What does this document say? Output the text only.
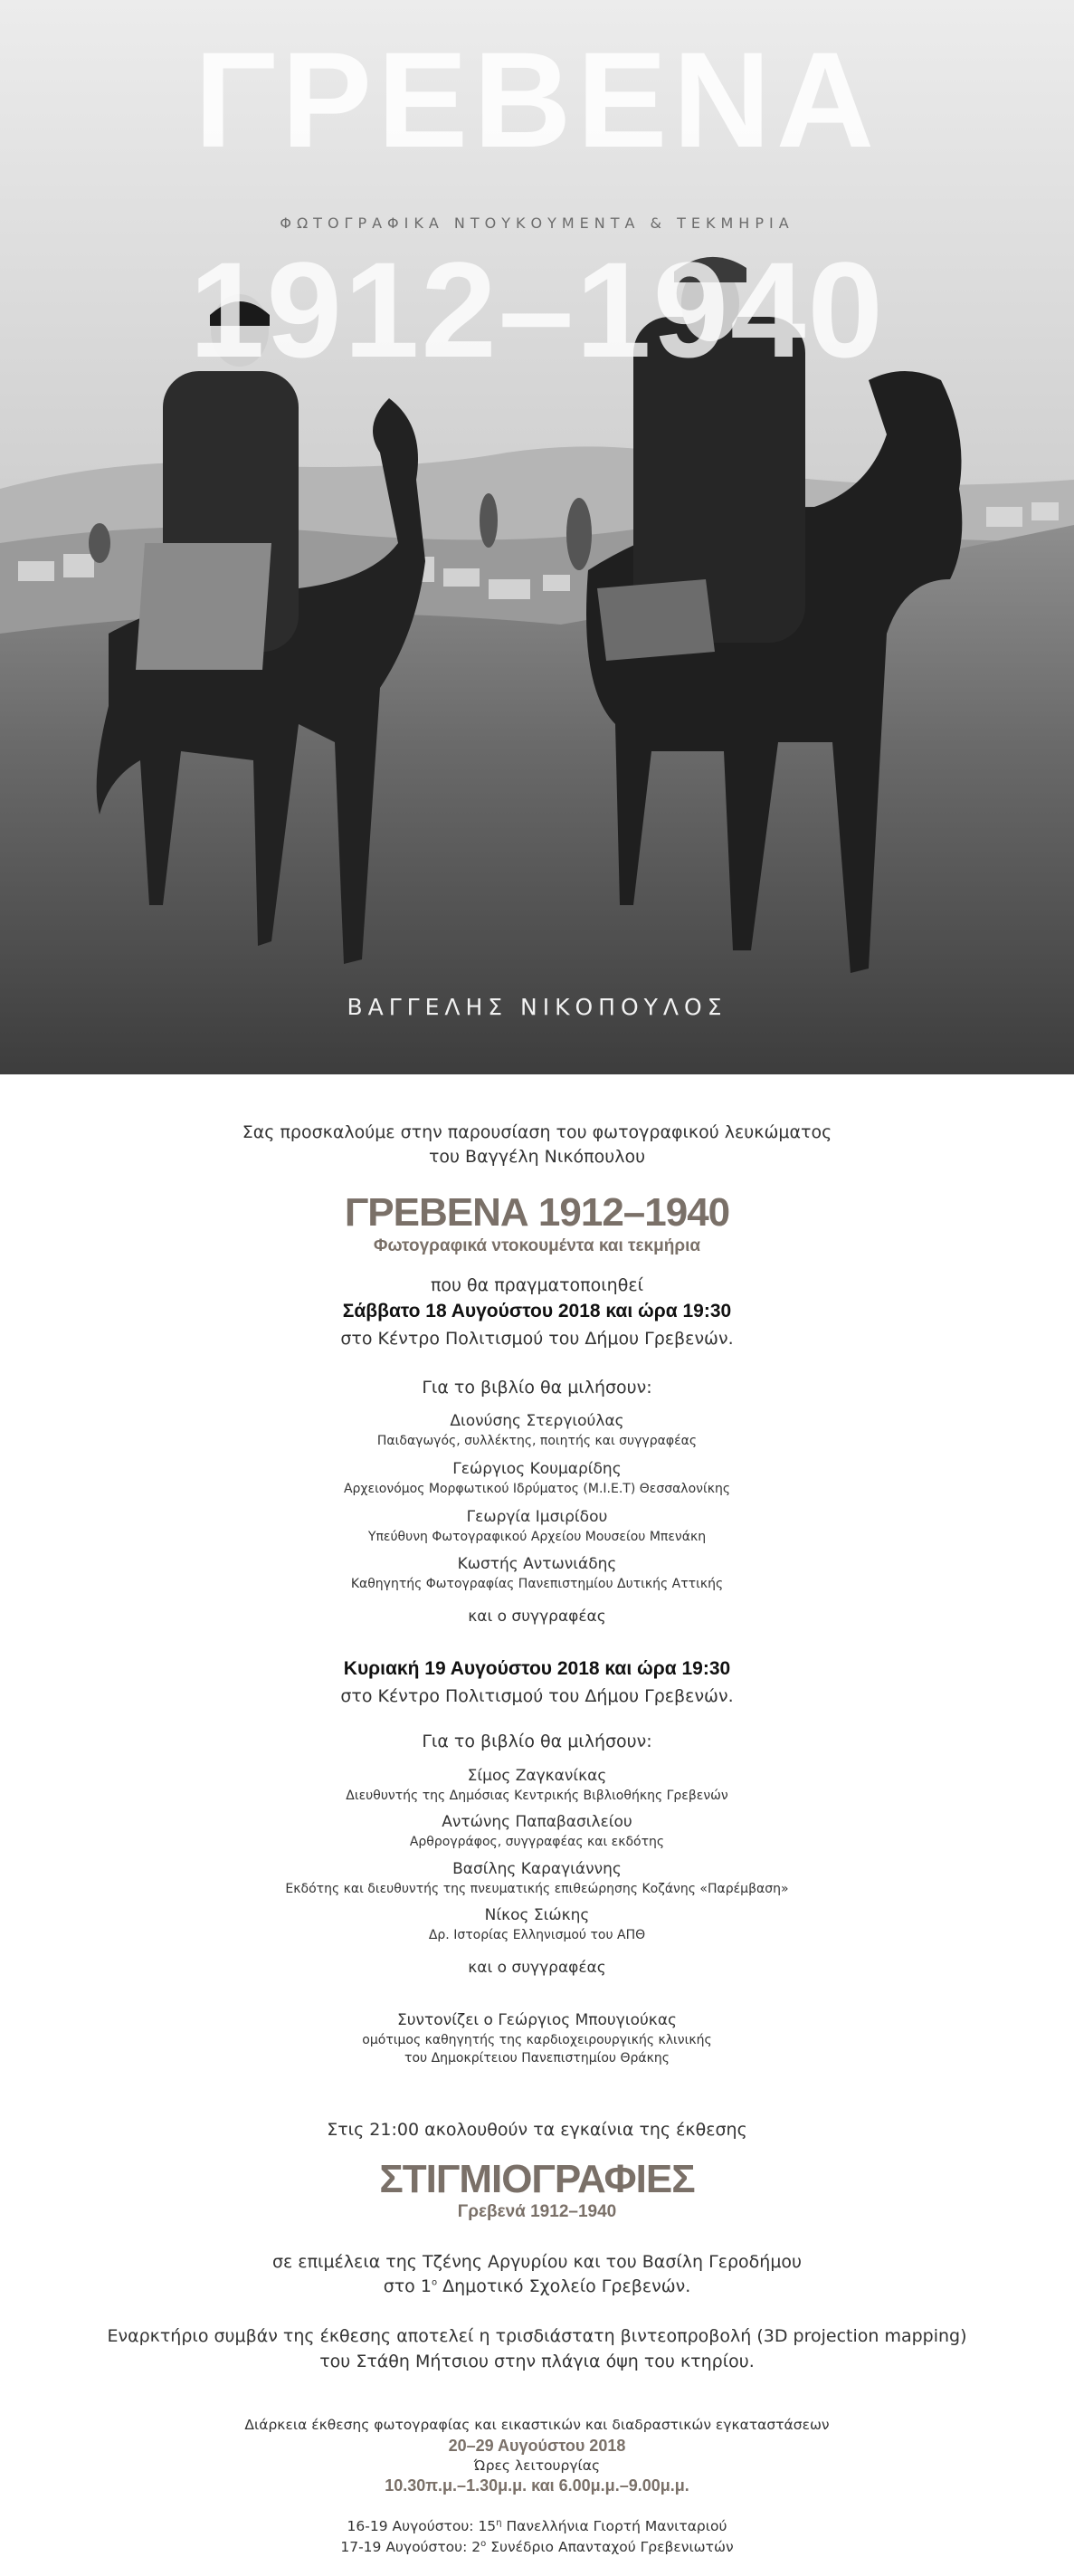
ΓΡΕΒΕΝΑ
ΦΩΤΟΓΡΑΦΙΚΑ ΝΤΟΥΚΟΥΜΕΝΤΑ & ΤΕΚΜΗΡΙΑ
1912–1940
ΒΑΓΓΕΛΗΣ ΝΙΚΟΠΟΥΛΟΣ

Σας προσκαλούμε στην παρουσίαση του φωτογραφικού λευκώματος

του Βαγγέλη Νικόπουλου

ΓΡΕΒΕΝΑ 1912–1940

Φωτογραφικά ντοκουμέντα και τεκμήρια

που θα πραγματοποιηθεί

Σάββατο 18 Αυγούστου 2018 και ώρα 19:30

στο Κέντρο Πολιτισμού του Δήμου Γρεβενών.

Για το βιβλίο θα μιλήσουν:

Διονύσης Στεργιούλας

Παιδαγωγός, συλλέκτης, ποιητής και συγγραφέας

Γεώργιος Κουμαρίδης

Αρχειονόμος Μορφωτικού Ιδρύματος (Μ.Ι.Ε.Τ) Θεσσαλονίκης

Γεωργία Ιμσιρίδου

Υπεύθυνη Φωτογραφικού Αρχείου Μουσείου Μπενάκη

Κωστής Αντωνιάδης

Καθηγητής Φωτογραφίας Πανεπιστημίου Δυτικής Αττικής

και ο συγγραφέας

Κυριακή 19 Αυγούστου 2018 και ώρα 19:30

στο Κέντρο Πολιτισμού του Δήμου Γρεβενών.

Για το βιβλίο θα μιλήσουν:

Σίμος Ζαγκανίκας

Διευθυντής της Δημόσιας Κεντρικής Βιβλιοθήκης Γρεβενών

Αντώνης Παπαβασιλείου

Αρθρογράφος, συγγραφέας και εκδότης

Βασίλης Καραγιάννης

Εκδότης και διευθυντής της πνευματικής επιθεώρησης Κοζάνης «Παρέμβαση»

Νίκος Σιώκης

Δρ. Ιστορίας Ελληνισμού του ΑΠΘ

και ο συγγραφέας

Συντονίζει ο Γεώργιος Μπουγιούκας

ομότιμος καθηγητής της καρδιοχειρουργικής κλινικής

του Δημοκρίτειου Πανεπιστημίου Θράκης

Στις 21:00 ακολουθούν τα εγκαίνια της έκθεσης

ΣΤΙΓΜΙΟΓΡΑΦΙΕΣ

Γρεβενά 1912–1940

σε επιμέλεια της Τζένης Αργυρίου και του Βασίλη Γεροδήμου

στο $1^o$ Δημοτικό Σχολείο Γρεβενών.

Εναρκτήριο συμβάν της έκθεσης αποτελεί η τρισδιάστατη βιντεοπροβολή (3D projection mapping)

του Στάθη Μήτσιου στην πλάγια όψη του κτηρίου.

Διάρκεια έκθεσης φωτογραφίας και εικαστικών και διαδραστικών εγκαταστάσεων

20–29 Αυγούστου 2018

Ώρες λειτουργίας

10.30π.μ.–1.30μ.μ. και 6.00μ.μ.–9.00μ.μ.

16-19 Αυγούστου: $15^\eta$ Πανελλήνια Γιορτή Μανιταριού

17-19 Αυγούστου: $2^o$ Συνέδριο Απανταχού Γρεβενιωτών
